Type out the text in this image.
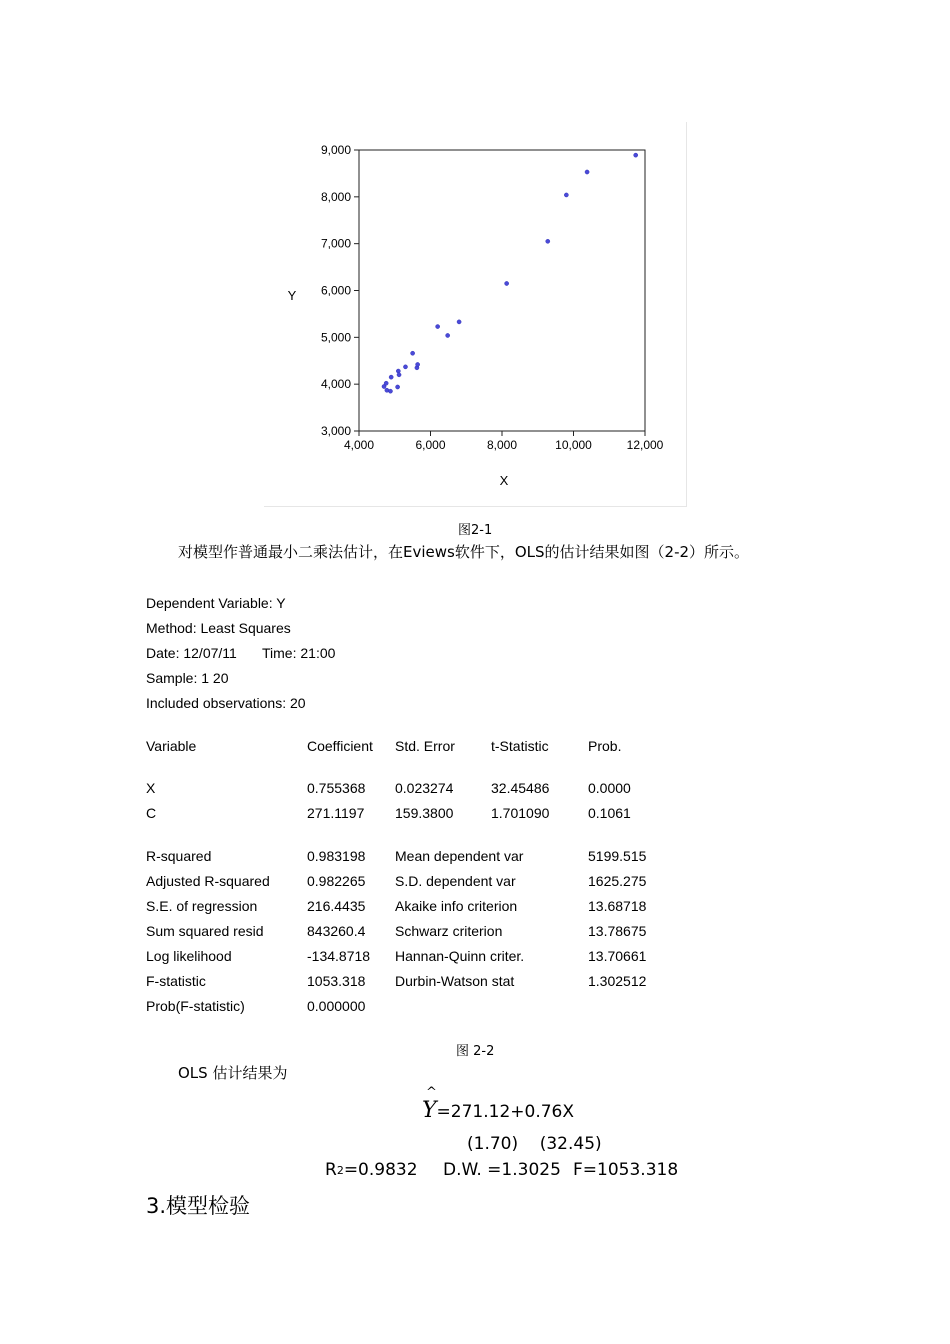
3,000
4,000
5,000
6,000
7,000
8,000
9,000
4,000	6,000	8,000	10,000	12,000
Y
X
图2-1
对模型作普通最小二乘法估计，在Eviews软件下，OLS的估计结果如图（2-2）所示。
Dependent Variable: Y
Method: Least Squares
Date: 12/07/11 Time: 21:00
Sample: 1 20
Included observations: 20
Variable	Coefficient Std. Error	t-Statistic	Prob.
X	0.755368 0.023274	32.45486	0.0000
C	271.1197 159.3800	1.701090	0.1061
R-squared	0.983198 Mean dependent var	5199.515
Adjusted R-squared	0.982265 S.D. dependent var	1625.275
S.E. of regression	216.4435 Akaike info criterion	13.68718
Sum squared resid	843260.4 Schwarz criterion	13.78675
Log likelihood	-134.8718 Hannan-Quinn criter.	13.70661
F-statistic	1053.318 Durbin-Watson stat	1.302512
Prob(F-statistic)	0.000000
图 2-2
OLS 估计结果为
^
Y=271.12+0.76X
(1.70)    (32.45)
$R_2=0.9832$ D.W. =1.3025 F=1053.318
3.模型检验
